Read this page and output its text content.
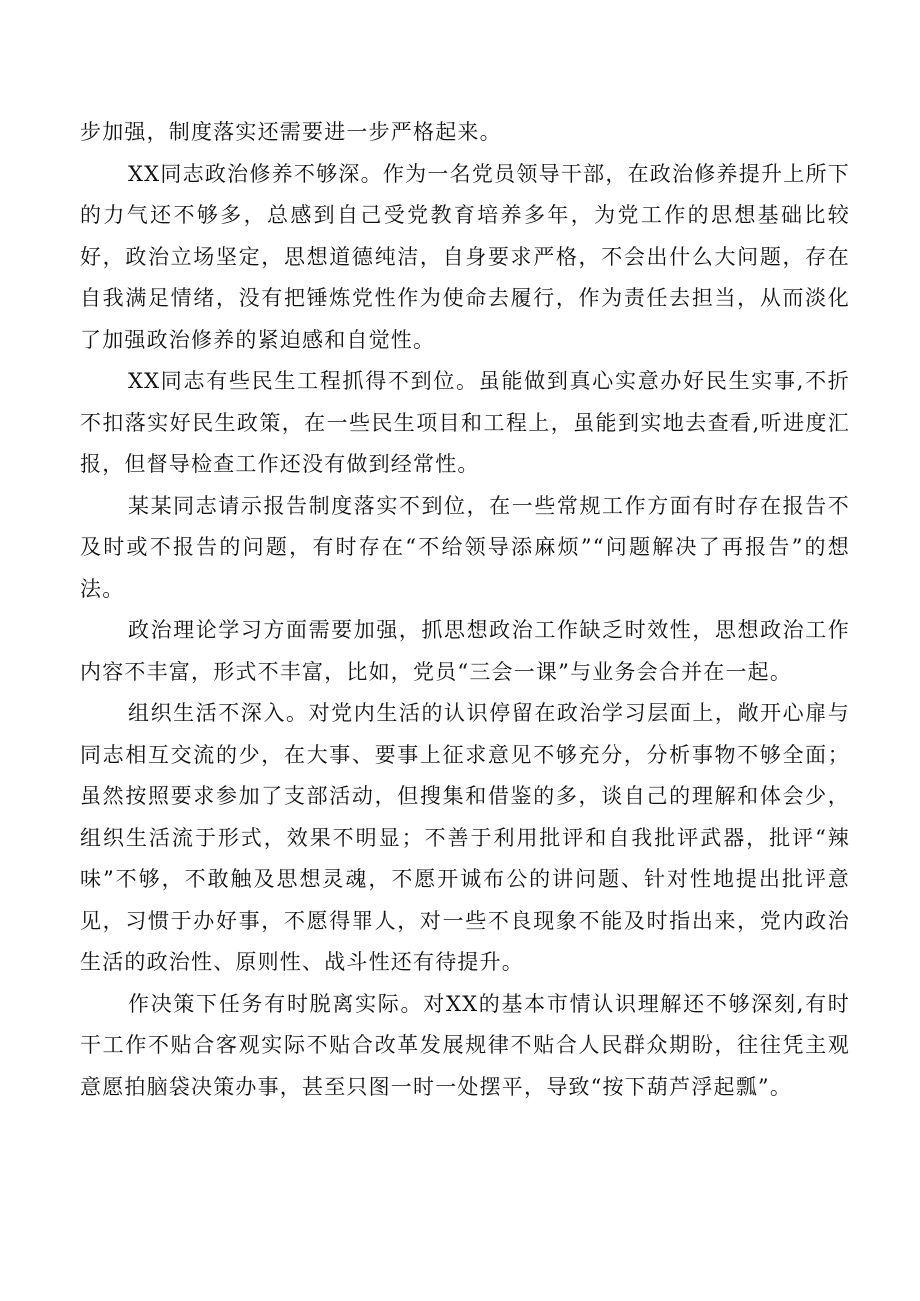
步加强，制度落实还需要进一步严格起来。

XX同志政治修养不够深。作为一名党员领导干部，在政治修养提升上所下的力气还不够多，总感到自己受党教育培养多年，为党工作的思想基础比较好，政治立场坚定，思想道德纯洁，自身要求严格，不会出什么大问题，存在自我满足情绪，没有把锤炼党性作为使命去履行，作为责任去担当，从而淡化了加强政治修养的紧迫感和自觉性。

XX同志有些民生工程抓得不到位。虽能做到真心实意办好民生实事,不折不扣落实好民生政策，在一些民生项目和工程上，虽能到实地去查看,听进度汇报，但督导检查工作还没有做到经常性。

某某同志请示报告制度落实不到位，在一些常规工作方面有时存在报告不及时或不报告的问题，有时存在“不给领导添麻烦”“问题解决了再报告”的想法。

政治理论学习方面需要加强，抓思想政治工作缺乏时效性，思想政治工作内容不丰富，形式不丰富，比如，党员“三会一课”与业务会合并在一起。

组织生活不深入。对党内生活的认识停留在政治学习层面上，敞开心扉与同志相互交流的少，在大事、要事上征求意见不够充分，分析事物不够全面；虽然按照要求参加了支部活动，但搜集和借鉴的多，谈自己的理解和体会少，组织生活流于形式，效果不明显；不善于利用批评和自我批评武器，批评“辣味”不够，不敢触及思想灵魂，不愿开诚布公的讲问题、针对性地提出批评意见，习惯于办好事，不愿得罪人，对一些不良现象不能及时指出来，党内政治生活的政治性、原则性、战斗性还有待提升。

作决策下任务有时脱离实际。对XX的基本市情认识理解还不够深刻,有时干工作不贴合客观实际不贴合改革发展规律不贴合人民群众期盼，往往凭主观意愿拍脑袋决策办事，甚至只图一时一处摆平，导致“按下葫芦浮起瓢”。
